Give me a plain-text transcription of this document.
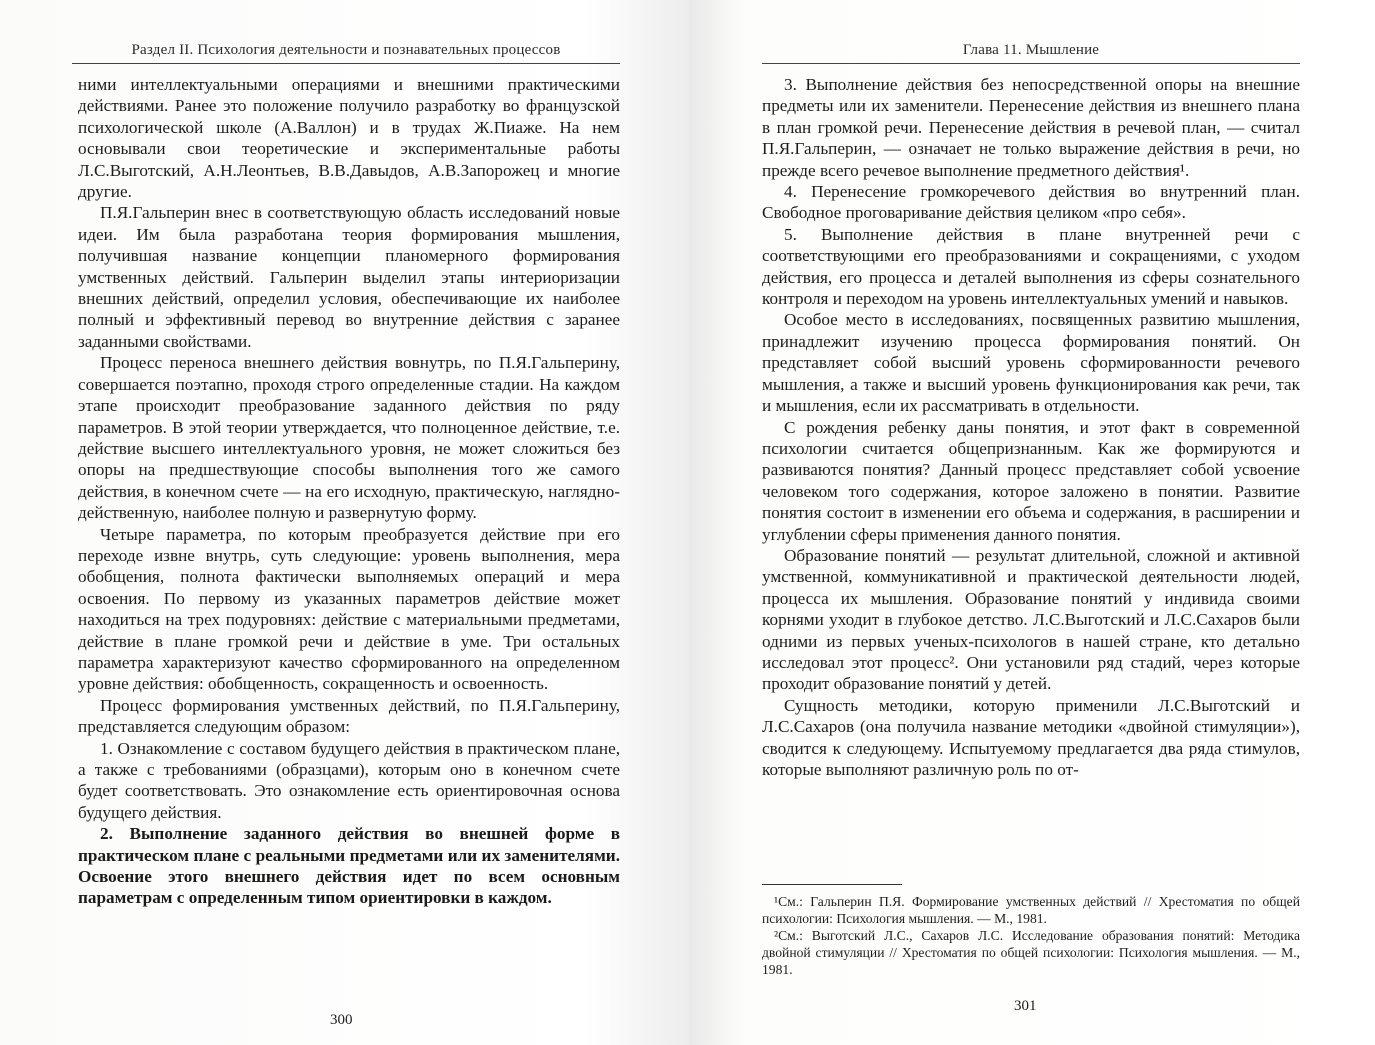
Раздел II. Психология деятельности и познавательных процессов

ними интеллектуальными операциями и внешними практическими действиями. Ранее это положение получило разработку во французской психологической школе (А.Валлон) и в трудах Ж.Пиаже. На нем основывали свои теоретические и экспериментальные работы Л.С.Выготский, А.Н.Леонтьев, В.В.Давыдов, А.В.Запорожец и многие другие.

П.Я.Гальперин внес в соответствующую область исследований новые идеи. Им была разработана теория формирования мышления, получившая название концепции планомерного формирования умственных действий. Гальперин выделил этапы интериоризации внешних действий, определил условия, обеспечивающие их наиболее полный и эффективный перевод во внутренние действия с заранее заданными свойствами.

Процесс переноса внешнего действия вовнутрь, по П.Я.Гальперину, совершается поэтапно, проходя строго определенные стадии. На каждом этапе происходит преобразование заданного действия по ряду параметров. В этой теории утверждается, что полноценное действие, т.е. действие высшего интеллектуального уровня, не может сложиться без опоры на предшествующие способы выполнения того же самого действия, в конечном счете — на его исходную, практическую, наглядно-действенную, наиболее полную и развернутую форму.

Четыре параметра, по которым преобразуется действие при его переходе извне внутрь, суть следующие: уровень выполнения, мера обобщения, полнота фактически выполняемых операций и мера освоения. По первому из указанных параметров действие может находиться на трех подуровнях: действие с материальными предметами, действие в плане громкой речи и действие в уме. Три остальных параметра характеризуют качество сформированного на определенном уровне действия: обобщенность, сокращенность и освоенность.

Процесс формирования умственных действий, по П.Я.Гальперину, представляется следующим образом:

1. Ознакомление с составом будущего действия в практическом плане, а также с требованиями (образцами), которым оно в конечном счете будет соответствовать. Это ознакомление есть ориентировочная основа будущего действия.

2. Выполнение заданного действия во внешней форме в практическом плане с реальными предметами или их заменителями. Освоение этого внешнего действия идет по всем основным параметрам с определенным типом ориентировки в каждом.

300
Глава 11. Мышление

3. Выполнение действия без непосредственной опоры на внешние предметы или их заменители. Перенесение действия из внешнего плана в план громкой речи. Перенесение действия в речевой план, — считал П.Я.Гальперин, — означает не только выражение действия в речи, но прежде всего речевое выполнение предметного действия¹.

4. Перенесение громкоречевого действия во внутренний план. Свободное проговаривание действия целиком «про себя».

5. Выполнение действия в плане внутренней речи с соответствующими его преобразованиями и сокращениями, с уходом действия, его процесса и деталей выполнения из сферы сознательного контроля и переходом на уровень интеллектуальных умений и навыков.

Особое место в исследованиях, посвященных развитию мышления, принадлежит изучению процесса формирования понятий. Он представляет собой высший уровень сформированности речевого мышления, а также и высший уровень функционирования как речи, так и мышления, если их рассматривать в отдельности.

С рождения ребенку даны понятия, и этот факт в современной психологии считается общепризнанным. Как же формируются и развиваются понятия? Данный процесс представляет собой усвоение человеком того содержания, которое заложено в понятии. Развитие понятия состоит в изменении его объема и содержания, в расширении и углублении сферы применения данного понятия.

Образование понятий — результат длительной, сложной и активной умственной, коммуникативной и практической деятельности людей, процесса их мышления. Образование понятий у индивида своими корнями уходит в глубокое детство. Л.С.Выготский и Л.С.Сахаров были одними из первых ученых-психологов в нашей стране, кто детально исследовал этот процесс². Они установили ряд стадий, через которые проходит образование понятий у детей.

Сущность методики, которую применили Л.С.Выготский и Л.С.Сахаров (она получила название методики «двойной стимуляции»), сводится к следующему. Испытуемому предлагается два ряда стимулов, которые выполняют различную роль по от-

¹См.: Гальперин П.Я. Формирование умственных действий // Хрестоматия по общей психологии: Психология мышления. — М., 1981.

²См.: Выготский Л.С., Сахаров Л.С. Исследование образования понятий: Методика двойной стимуляции // Хрестоматия по общей психологии: Психология мышления. — М., 1981.

301
